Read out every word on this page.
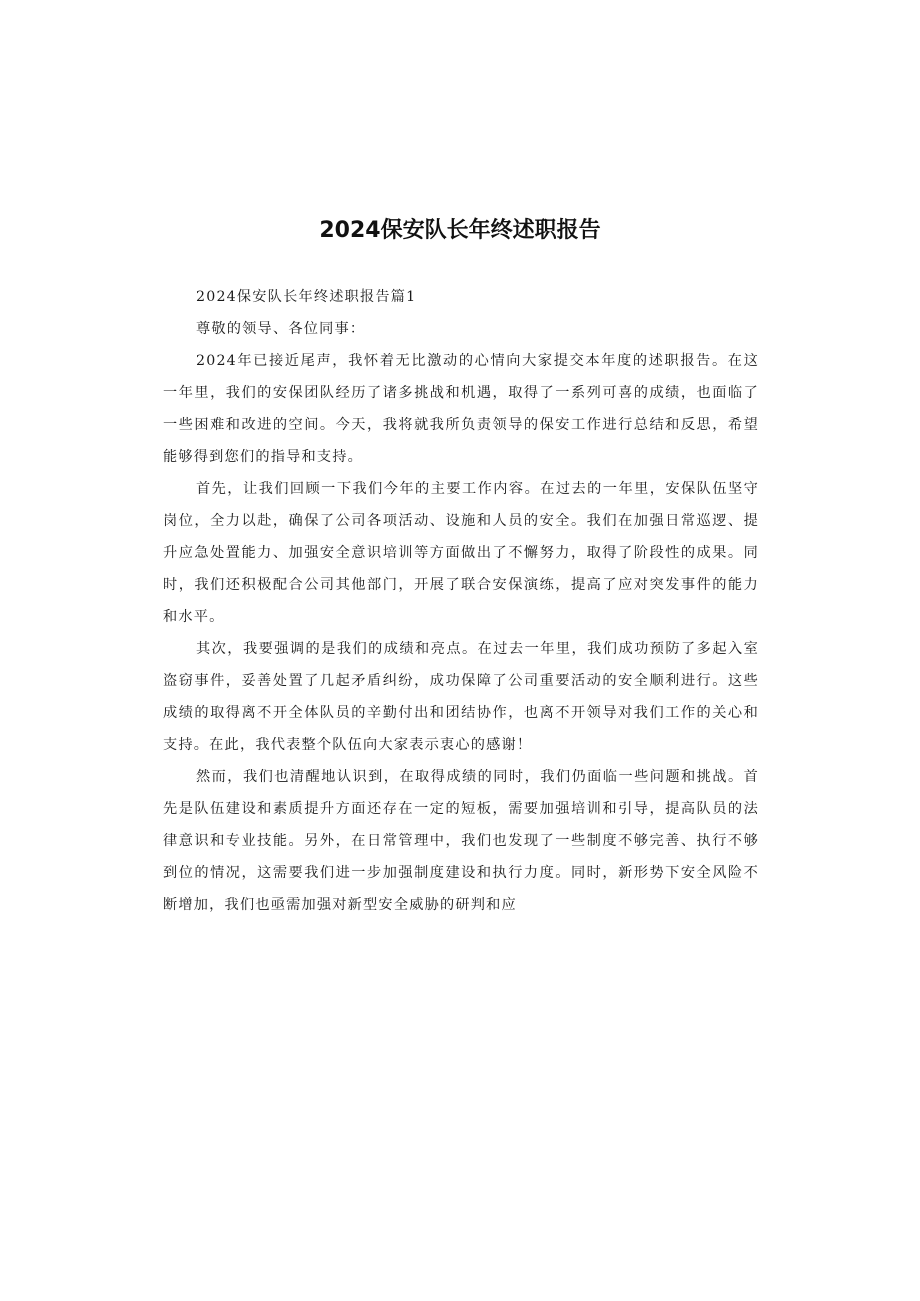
2024保安队长年终述职报告

2024保安队长年终述职报告篇1

尊敬的领导、各位同事：

2024年已接近尾声，我怀着无比激动的心情向大家提交本年度的述职报告。在这一年里，我们的安保团队经历了诸多挑战和机遇，取得了一系列可喜的成绩，也面临了一些困难和改进的空间。今天，我将就我所负责领导的保安工作进行总结和反思，希望能够得到您们的指导和支持。

首先，让我们回顾一下我们今年的主要工作内容。在过去的一年里，安保队伍坚守岗位，全力以赴，确保了公司各项活动、设施和人员的安全。我们在加强日常巡逻、提升应急处置能力、加强安全意识培训等方面做出了不懈努力，取得了阶段性的成果。同时，我们还积极配合公司其他部门，开展了联合安保演练，提高了应对突发事件的能力和水平。

其次，我要强调的是我们的成绩和亮点。在过去一年里，我们成功预防了多起入室盗窃事件，妥善处置了几起矛盾纠纷，成功保障了公司重要活动的安全顺利进行。这些成绩的取得离不开全体队员的辛勤付出和团结协作，也离不开领导对我们工作的关心和支持。在此，我代表整个队伍向大家表示衷心的感谢！

然而，我们也清醒地认识到，在取得成绩的同时，我们仍面临一些问题和挑战。首先是队伍建设和素质提升方面还存在一定的短板，需要加强培训和引导，提高队员的法律意识和专业技能。另外，在日常管理中，我们也发现了一些制度不够完善、执行不够到位的情况，这需要我们进一步加强制度建设和执行力度。同时，新形势下安全风险不断增加，我们也亟需加强对新型安全威胁的研判和应
